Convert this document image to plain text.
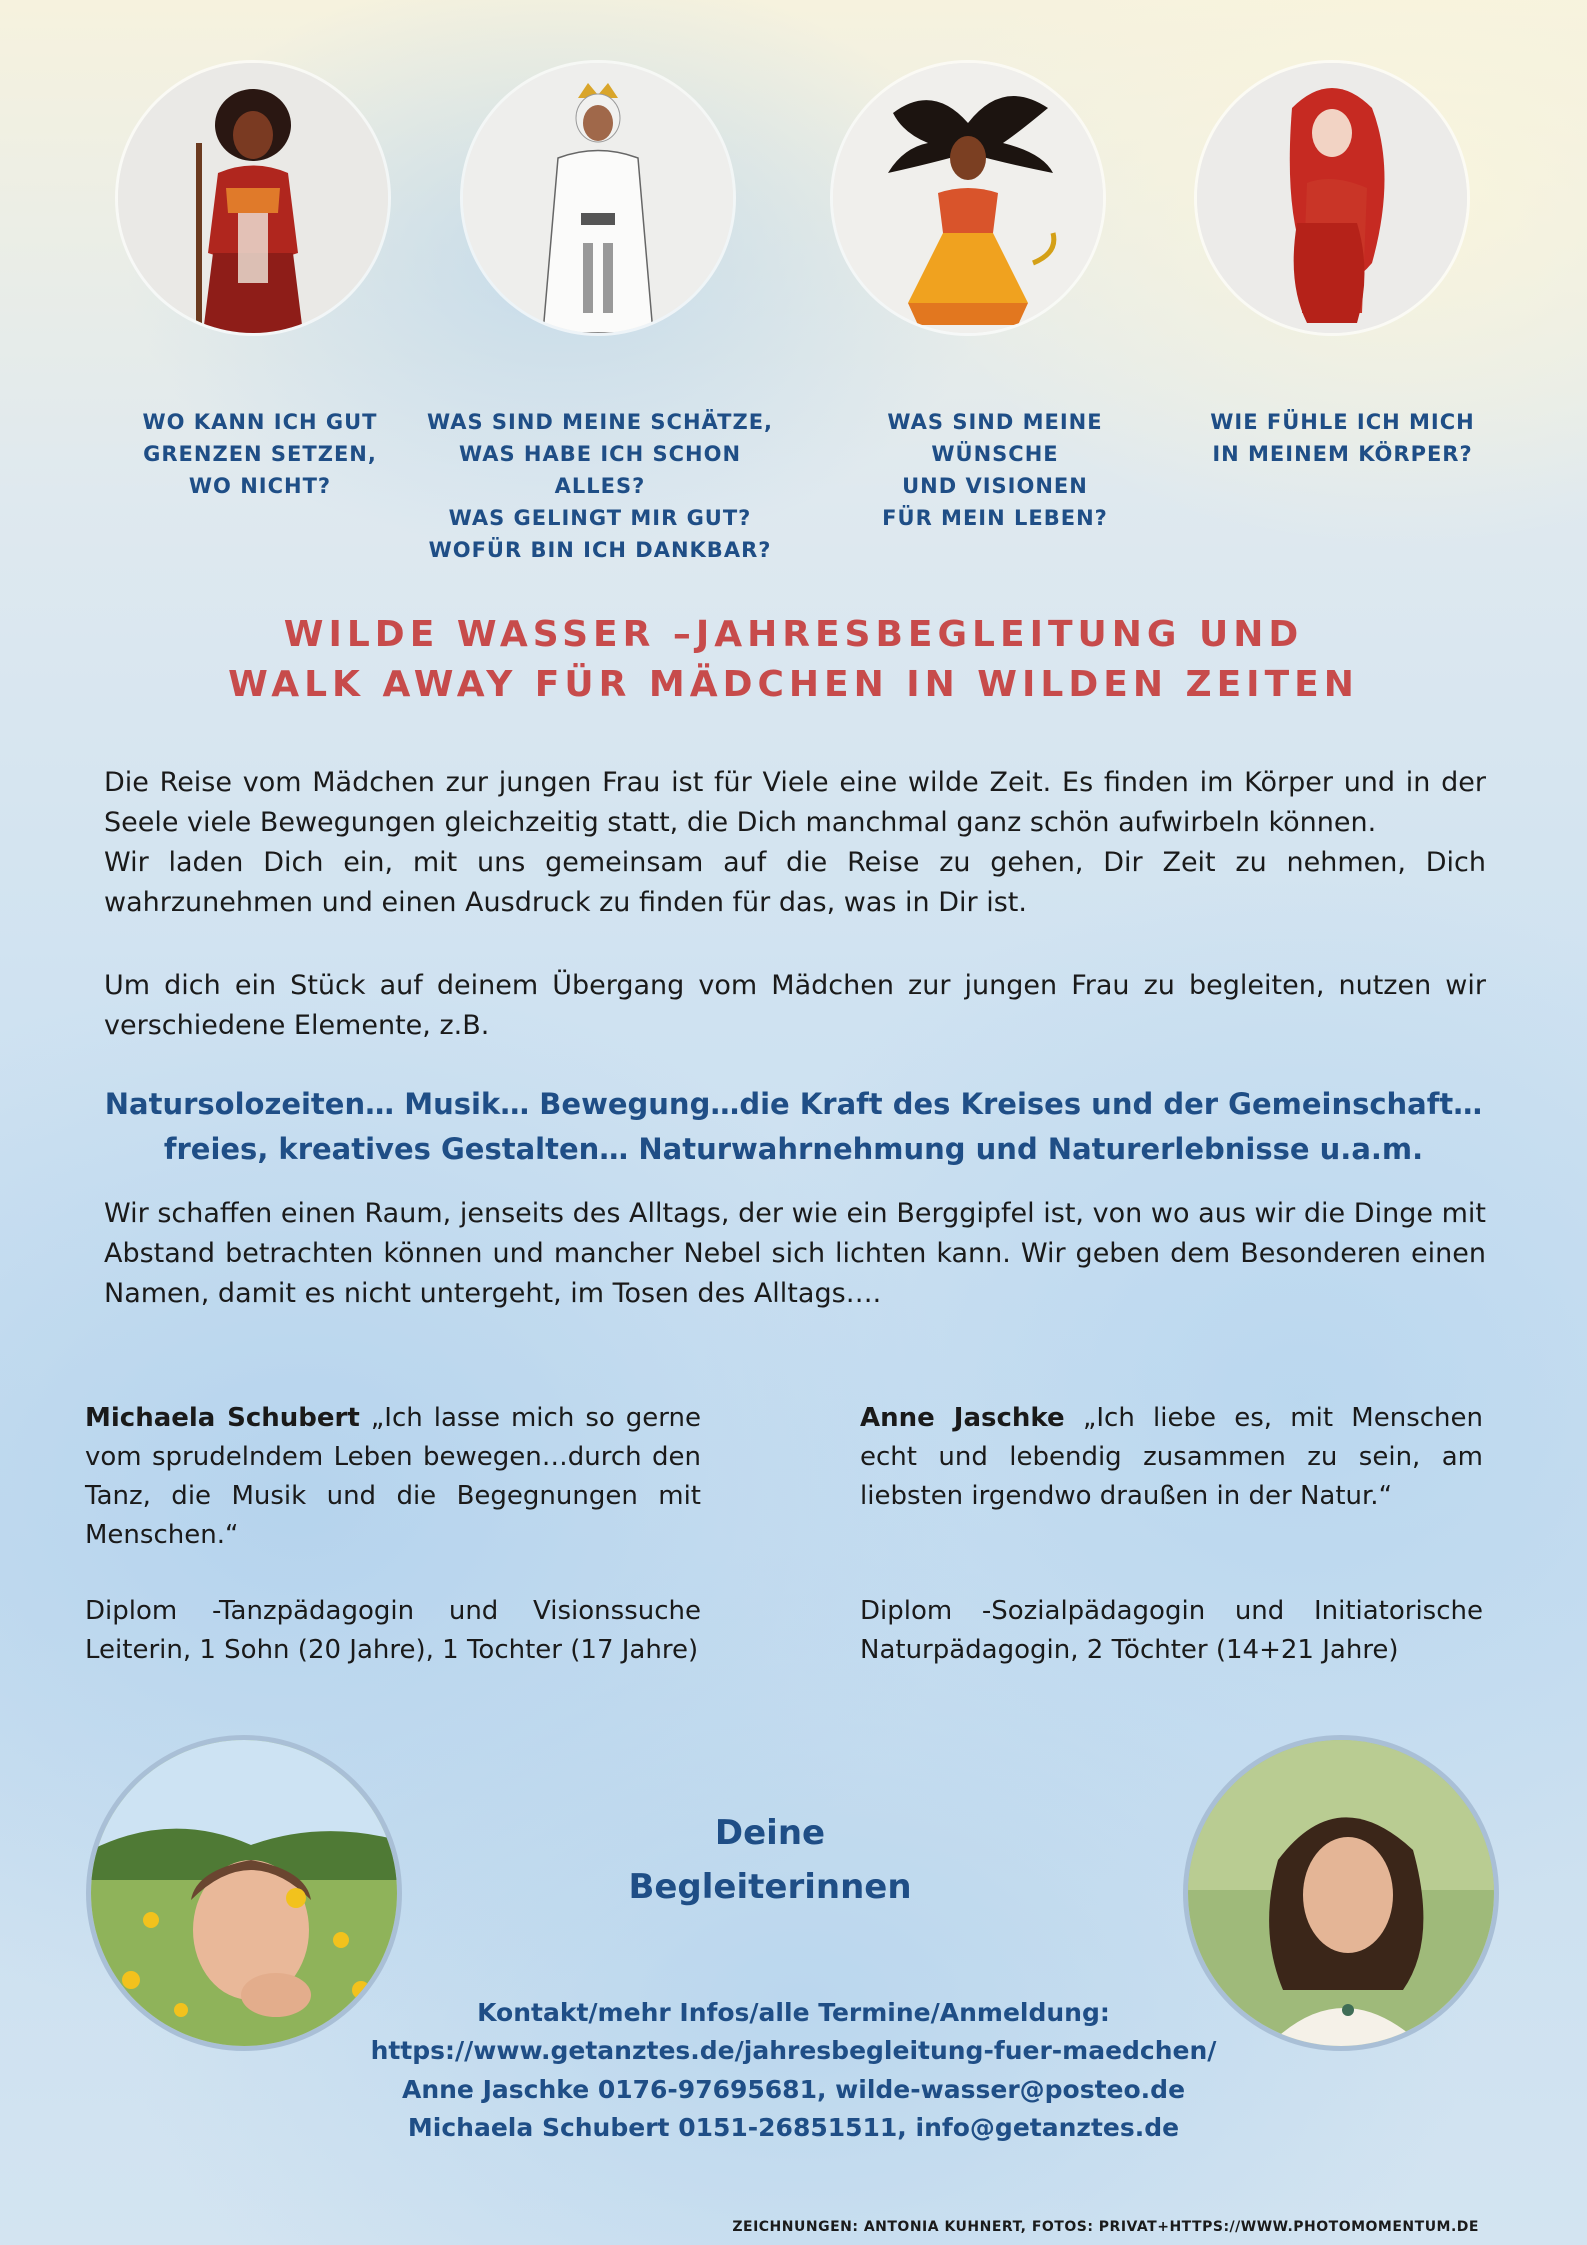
WO KANN ICH GUT
GRENZEN SETZEN,
WO NICHT?
WAS SIND MEINE SCHÄTZE,
WAS HABE ICH SCHON ALLES?
WAS GELINGT MIR GUT?
WOFÜR BIN ICH DANKBAR?
WAS SIND MEINE WÜNSCHE
UND VISIONEN
FÜR MEIN LEBEN?
WIE FÜHLE ICH MICH
IN MEINEM KÖRPER?
WILDE WASSER –JAHRESBEGLEITUNG UND
WALK AWAY FÜR MÄDCHEN IN WILDEN ZEITEN
Die Reise vom Mädchen zur jungen Frau ist für Viele eine wilde Zeit. Es finden im Körper und in der Seele viele Bewegungen gleichzeitig statt, die Dich manchmal ganz schön aufwirbeln können.
Wir laden Dich ein, mit uns gemeinsam auf die Reise zu gehen, Dir Zeit zu nehmen, Dich wahrzunehmen und einen Ausdruck zu finden für das, was in Dir ist.
Um dich ein Stück auf deinem Übergang vom Mädchen zur jungen Frau zu begleiten, nutzen wir verschiedene Elemente, z.B.
Natursolozeiten… Musik… Bewegung…die Kraft des Kreises und der Gemeinschaft…
freies, kreatives Gestalten… Naturwahrnehmung und Naturerlebnisse u.a.m.
Wir schaffen einen Raum, jenseits des Alltags, der wie ein Berggipfel ist, von wo aus wir die Dinge mit Abstand betrachten können und mancher Nebel sich lichten kann. Wir geben dem Besonderen einen Namen, damit es nicht untergeht, im Tosen des Alltags….
Michaela Schubert „Ich lasse mich so gerne vom sprudelndem Leben bewegen…durch den Tanz, die Musik und die Begegnungen mit Menschen.“
Diplom -Tanzpädagogin und Visionssuche Leiterin, 1 Sohn (20 Jahre), 1 Tochter (17 Jahre)
Anne Jaschke „Ich liebe es, mit Menschen echt und lebendig zusammen zu sein, am liebsten irgendwo draußen in der Natur.“
Diplom -Sozialpädagogin und Initiatorische Naturpädagogin, 2 Töchter (14+21 Jahre)
Deine
Begleiterinnen
Kontakt/mehr Infos/alle Termine/Anmeldung:
https://www.getanztes.de/jahresbegleitung-fuer-maedchen/
Anne Jaschke 0176-97695681, wilde-wasser@posteo.de
Michaela Schubert 0151-26851511, info@getanztes.de
ZEICHNUNGEN: ANTONIA KUHNERT, FOTOS: PRIVAT+HTTPS://WWW.PHOTOMOMENTUM.DE
